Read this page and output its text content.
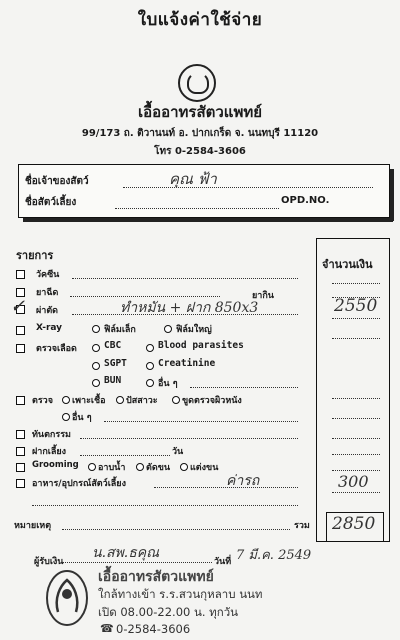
ใบแจ้งค่าใช้จ่าย
เอื้ออาทรสัตวแพทย์
99/173 ถ. ติวานนท์ อ. ปากเกร็ด จ. นนทบุรี 11120
โทร 0-2584-3606
ชื่อเจ้าของสัตว์	คุณ ฟ้า
ชื่อสัตว์เลี้ยง	OPD.NO.
รายการ
จำนวนเงิน
วัคซีน
ยาฉีด	ยากิน
✓ ผ่าตัด	ทำหมัน + ฝาก 850x3	2550
X-ray	ฟิล์มเล็ก	ฟิล์มใหญ่
ตรวจเลือด	CBC	Blood parasites
SGPT	Creatinine
BUN	อื่น ๆ
ตรวจ เพาะเชื้อ ปัสสาวะ	ขูดตรวจผิวหนัง
อื่น ๆ
ทันตกรรม
ฝากเลี้ยง	วัน
Grooming อาบน้ำ ตัดขน แต่งขน
อาหาร/อุปกรณ์สัตว์เลี้ยง	ค่ารถ	300
หมายเหตุ	รวม 2850
ผู้รับเงิน
น.สพ.ธคุณ
วันที่ 7 มี.ค. 2549
เอื้ออาทรสัตวแพทย์
ใกล้ทางเข้า ร.ร.สวนกุหลาบ นนท
เปิด 08.00-22.00 น. ทุกวัน
☎ 0-2584-3606
